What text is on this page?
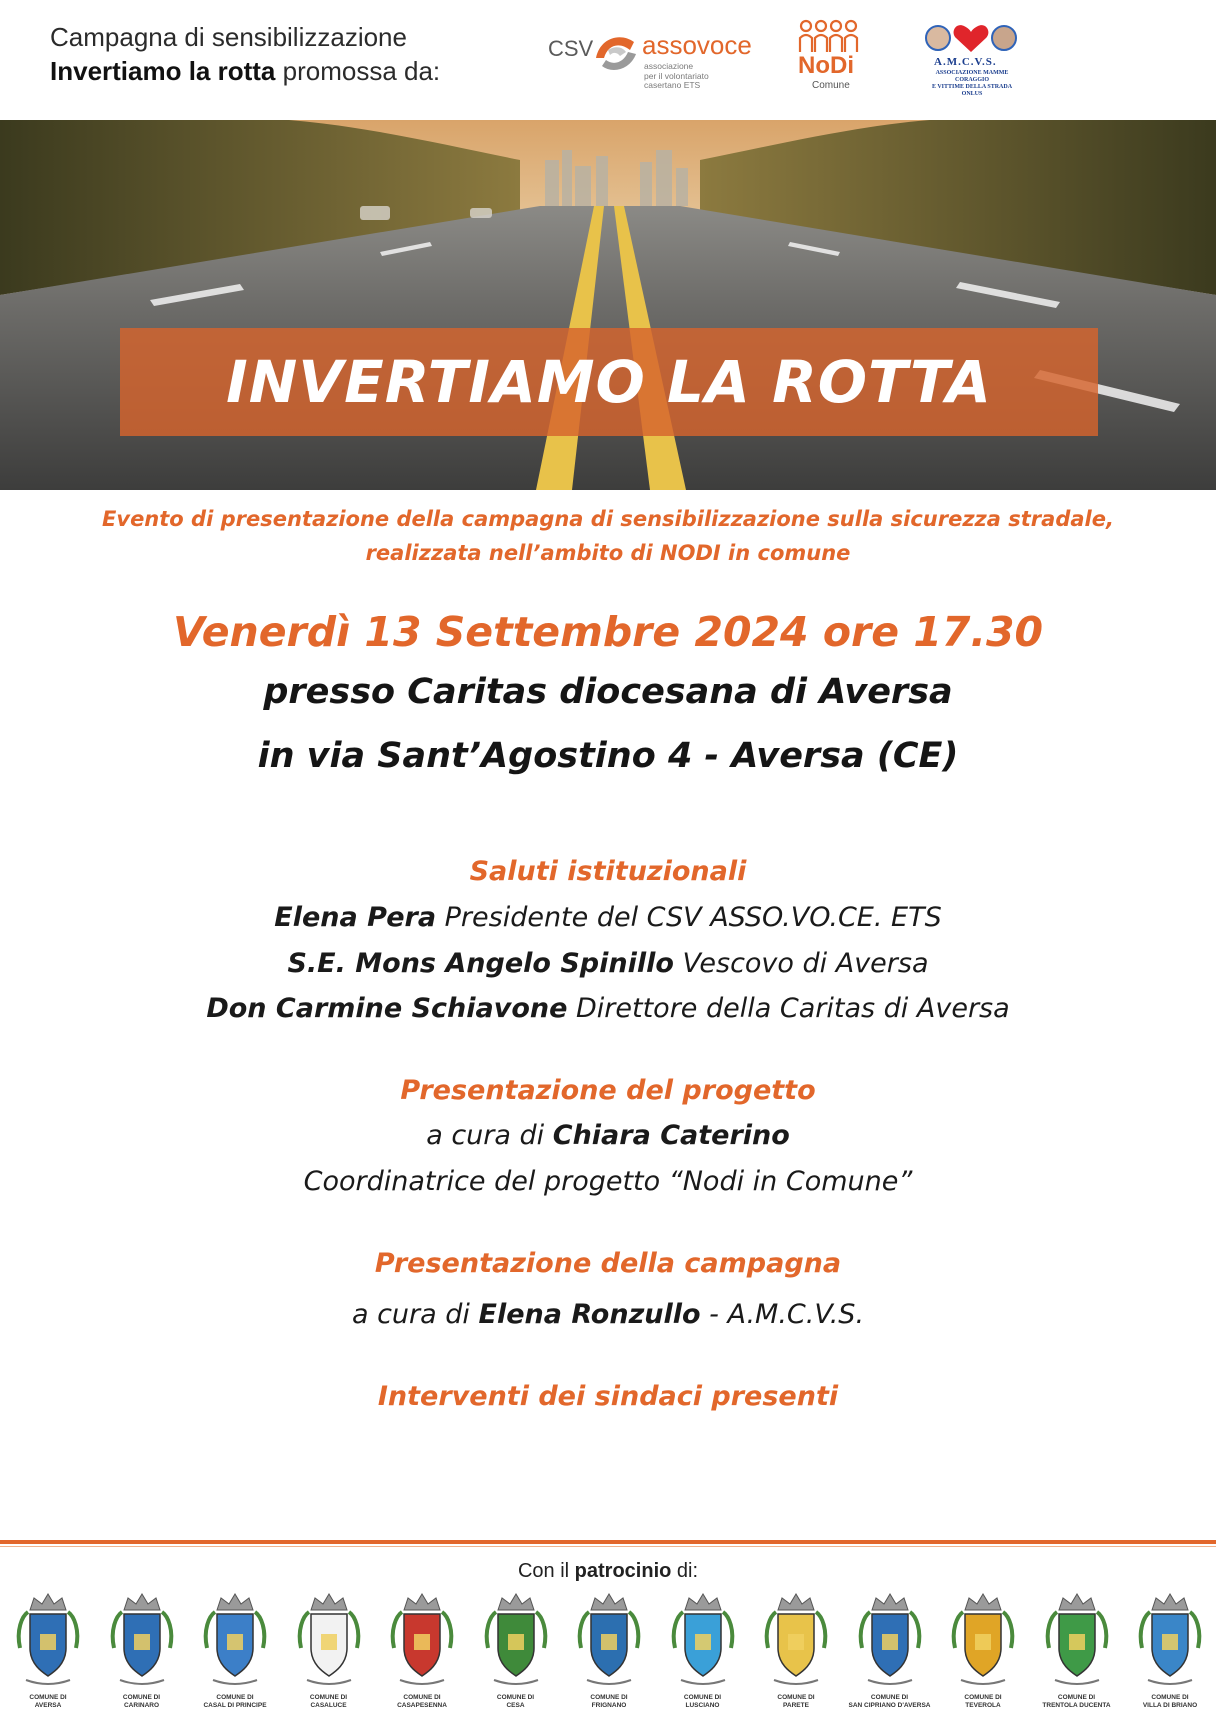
Campagna di sensibilizzazione
Invertiamo la rotta promossa da:
CSV assovoce
associazione
per il volontariato
casertano ETS
NoDi
Comune
A.M.C.V.S.
ASSOCIAZIONE MAMME CORAGGIO
E VITTIME DELLA STRADA ONLUS
INVERTIAMO LA ROTTA
Evento di presentazione della campagna di sensibilizzazione sulla sicurezza stradale,
realizzata nell’ambito di NODI in comune
Venerdì 13 Settembre 2024 ore 17.30
presso Caritas diocesana di Aversa
in via Sant’Agostino 4 - Aversa (CE)
Saluti istituzionali
Elena Pera Presidente del CSV ASSO.VO.CE. ETS
S.E. Mons Angelo Spinillo Vescovo di Aversa
Don Carmine Schiavone Direttore della Caritas di Aversa
Presentazione del progetto
a cura di Chiara Caterino
Coordinatrice del progetto “Nodi in Comune”
Presentazione della campagna
a cura di Elena Ronzullo - A.M.C.V.S.
Interventi dei sindaci presenti
Con il patrocinio di:
COMUNE DI
AVERSA
COMUNE DI
CARINARO
COMUNE DI
CASAL DI PRINCIPE
COMUNE DI
CASALUCE
COMUNE DI
CASAPESENNA
COMUNE DI
CESA
COMUNE DI
FRIGNANO
COMUNE DI
LUSCIANO
COMUNE DI
PARETE
COMUNE DI
SAN CIPRIANO D'AVERSA
COMUNE DI
TEVEROLA
COMUNE DI
TRENTOLA DUCENTA
COMUNE DI
VILLA DI BRIANO
